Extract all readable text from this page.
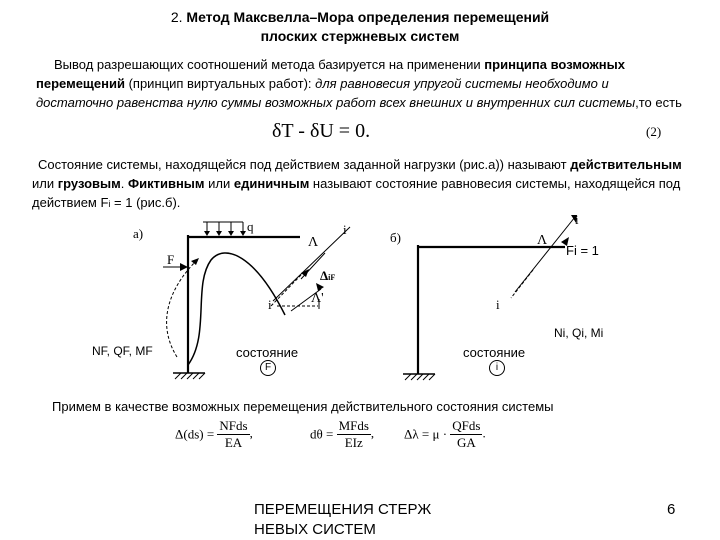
2. Метод Максвелла–Мора определения перемещений
плоских стержневых систем
Вывод разрешающих соотношений метода базируется на применении принципа возможных перемещений (принцип виртуальных работ): для равновесия упругой системы необходимо и достаточно равенства нулю суммы возможных работ всех внешних и внутренних сил системы,то есть
δT - δU = 0.	(2)
Состояние системы, находящейся под действием заданной нагрузки (рис.а)) называют действительным или грузовым. Фиктивным или единичным называют состояние равновесия системы, находящейся под действием Fi = 1 (рис.б).
а)	q
F
i
Λ
ΔiF
i	Λ'
NF, QF, MF	состояние
F
б)
i
Λ
Fi = 1
i
Ni, Qi, Mi
состояние
i
Примем в качестве возможных перемещения действительного состояния системы
$\Delta(ds) = \frac{\text{NFds}}{EA}$ ,	$d\theta = \frac{\text{MFds}}{\text{EIz}}$ , $\Delta\lambda = \mu \cdot \frac{\text{QFds}}{GA}$ .
ПЕРЕМЕЩЕНИЯ СТЕРЖ
НЕВЫХ СИСТЕМ
6
